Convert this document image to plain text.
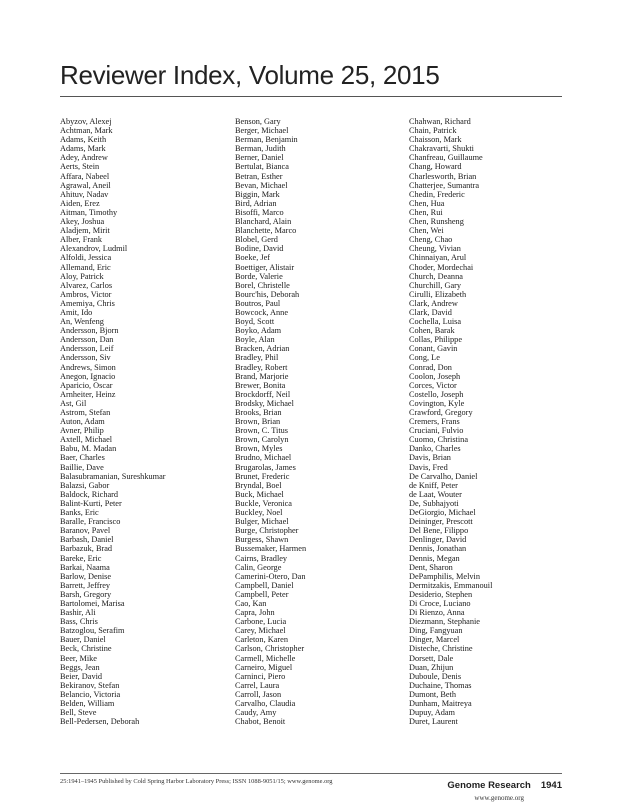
Reviewer Index, Volume 25, 2015
Abyzov, Alexej
Achtman, Mark
Adams, Keith
Adams, Mark
Adey, Andrew
Aerts, Stein
Affara, Nabeel
Agrawal, Aneil
Ahituv, Nadav
Aiden, Erez
Aitman, Timothy
Akey, Joshua
Aladjem, Mirit
Alber, Frank
Alexandrov, Ludmil
Alfoldi, Jessica
Allemand, Eric
Aloy, Patrick
Alvarez, Carlos
Ambros, Victor
Amemiya, Chris
Amit, Ido
An, Wenfeng
Andersson, Bjorn
Andersson, Dan
Andersson, Leif
Andersson, Siv
Andrews, Simon
Anegon, Ignacio
Aparicio, Oscar
Arnheiter, Heinz
Ast, Gil
Astrom, Stefan
Auton, Adam
Avner, Philip
Axtell, Michael
Babu, M. Madan
Baer, Charles
Baillie, Dave
Balasubramanian, Sureshkumar
Balazsi, Gabor
Baldock, Richard
Balint-Kurti, Peter
Banks, Eric
Baralle, Francisco
Baranov, Pavel
Barbash, Daniel
Barbazuk, Brad
Bareke, Eric
Barkai, Naama
Barlow, Denise
Barrett, Jeffrey
Barsh, Gregory
Bartolomei, Marisa
Bashir, Ali
Bass, Chris
Batzoglou, Serafim
Bauer, Daniel
Beck, Christine
Beer, Mike
Beggs, Jean
Beier, David
Bekiranov, Stefan
Belancio, Victoria
Belden, William
Bell, Steve
Bell-Pedersen, Deborah
Benson, Gary
Berger, Michael
Berman, Benjamin
Berman, Judith
Berner, Daniel
Bertulat, Bianca
Betran, Esther
Bevan, Michael
Biggin, Mark
Bird, Adrian
Bisoffi, Marco
Blanchard, Alain
Blanchette, Marco
Blobel, Gerd
Bodine, David
Boeke, Jef
Boettiger, Alistair
Borde, Valerie
Borel, Christelle
Bourc'his, Deborah
Boutros, Paul
Bowcock, Anne
Boyd, Scott
Boyko, Adam
Boyle, Alan
Bracken, Adrian
Bradley, Phil
Bradley, Robert
Brand, Marjorie
Brewer, Bonita
Brockdorff, Neil
Brodsky, Michael
Brooks, Brian
Brown, Brian
Brown, C. Titus
Brown, Carolyn
Brown, Myles
Brudno, Michael
Brugarolas, James
Brunet, Frederic
Bryndal, Boel
Buck, Michael
Buckle, Veronica
Buckley, Noel
Bulger, Michael
Burge, Christopher
Burgess, Shawn
Bussemaker, Harmen
Cairns, Bradley
Calin, George
Camerini-Otero, Dan
Campbell, Daniel
Campbell, Peter
Cao, Kan
Capra, John
Carbone, Lucia
Carey, Michael
Carleton, Karen
Carlson, Christopher
Carmell, Michelle
Carneiro, Miguel
Carninci, Piero
Carrel, Laura
Carroll, Jason
Carvalho, Claudia
Caudy, Amy
Chabot, Benoit
Chahwan, Richard
Chain, Patrick
Chaisson, Mark
Chakravarti, Shukti
Chanfreau, Guillaume
Chang, Howard
Charlesworth, Brian
Chatterjee, Sumantra
Chedin, Frederic
Chen, Hua
Chen, Rui
Chen, Runsheng
Chen, Wei
Cheng, Chao
Cheung, Vivian
Chinnaiyan, Arul
Choder, Mordechai
Church, Deanna
Churchill, Gary
Cirulli, Elizabeth
Clark, Andrew
Clark, David
Cochella, Luisa
Cohen, Barak
Collas, Philippe
Conant, Gavin
Cong, Le
Conrad, Don
Coolon, Joseph
Corces, Victor
Costello, Joseph
Covington, Kyle
Crawford, Gregory
Cremers, Frans
Cruciani, Fulvio
Cuomo, Christina
Danko, Charles
Davis, Brian
Davis, Fred
De Carvalho, Daniel
de Kniff, Peter
de Laat, Wouter
De, Subhajyoti
DeGiorgio, Michael
Deininger, Prescott
Del Bene, Filippo
Denlinger, David
Dennis, Jonathan
Dennis, Megan
Dent, Sharon
DePamphilis, Melvin
Dermitzakis, Emmanouil
Desiderio, Stephen
Di Croce, Luciano
Di Rienzo, Anna
Diezmann, Stephanie
Ding, Fangyuan
Dinger, Marcel
Disteche, Christine
Dorsett, Dale
Duan, Zhijun
Duboule, Denis
Duchaine, Thomas
Dumont, Beth
Dunham, Maitreya
Dupuy, Adam
Duret, Laurent
25:1941–1945 Published by Cold Spring Harbor Laboratory Press; ISSN 1088-9051/15; www.genome.org	Genome Research 1941
www.genome.org
